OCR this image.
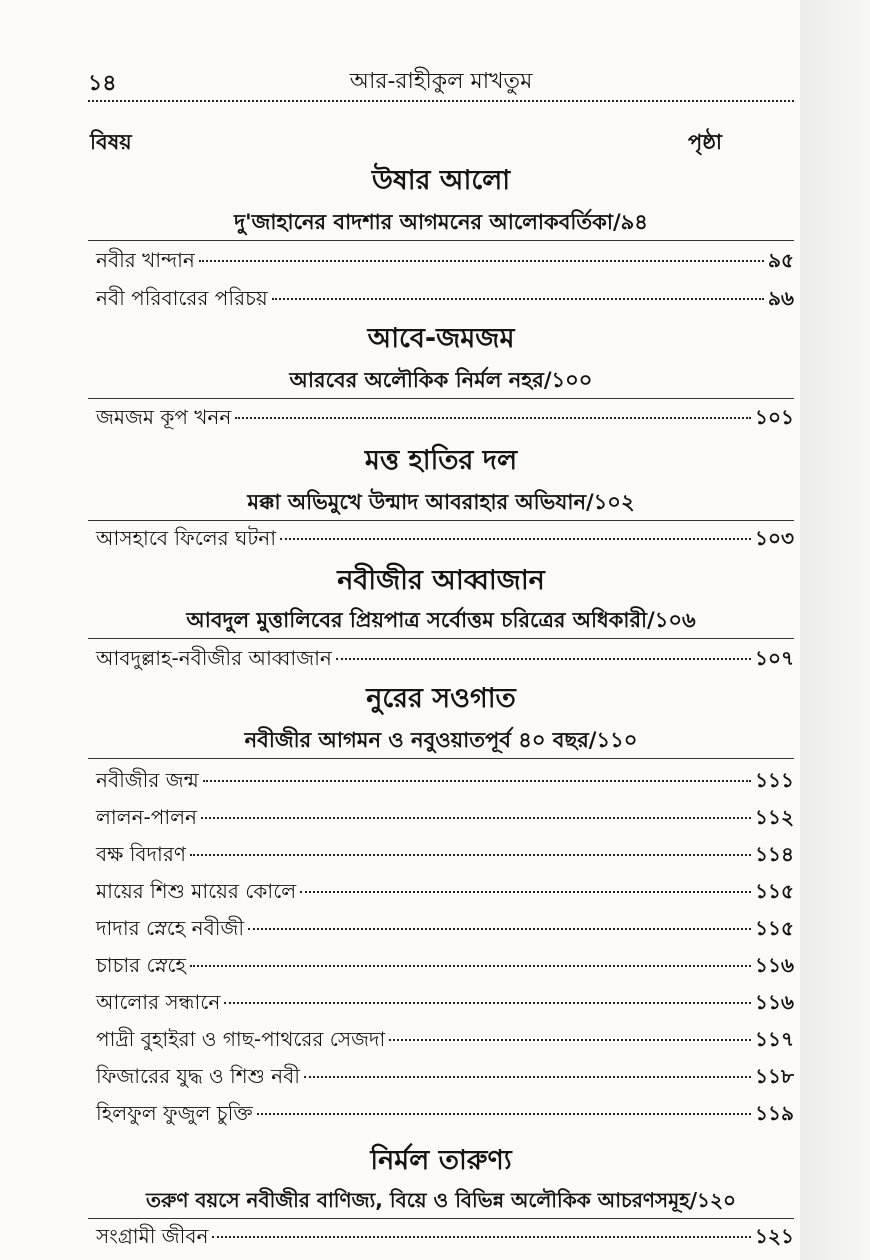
১৪	আর-রাহীকুল মাখতুম
বিষয়	পৃষ্ঠা
উষার আলো
দু'জাহানের বাদশার আগমনের আলোকবর্তিকা/৯৪
নবীর খান্দান	৯৫
নবী পরিবারের পরিচয়	৯৬
আবে-জমজম
আরবের অলৌকিক নির্মল নহর/১০০
জমজম কূপ খনন	১০১
মত্ত হাতির দল
মক্কা অভিমুখে উন্মাদ আবরাহার অভিযান/১০২
আসহাবে ফিলের ঘটনা	১০৩
নবীজীর আব্বাজান
আবদুল মুত্তালিবের প্রিয়পাত্র সর্বোত্তম চরিত্রের অধিকারী/১০৬
আবদুল্লাহ-নবীজীর আব্বাজান	১০৭
নুরের সওগাত
নবীজীর আগমন ও নবুওয়াতপূর্ব ৪০ বছর/১১০
নবীজীর জন্ম	১১১
লালন-পালন	১১২
বক্ষ বিদারণ	১১৪
মায়ের শিশু মায়ের কোলে	১১৫
দাদার স্নেহে নবীজী	১১৫
চাচার স্নেহে	১১৬
আলোর সন্ধানে	১১৬
পাদ্রী বুহাইরা ও গাছ-পাথরের সেজদা	১১৭
ফিজারের যুদ্ধ ও শিশু নবী	১১৮
হিলফুল ফুজুল চুক্তি	১১৯
নির্মল তারুণ্য
তরুণ বয়সে নবীজীর বাণিজ্য, বিয়ে ও বিভিন্ন অলৌকিক আচরণসমূহ/১২০
সংগ্রামী জীবন	১২১
